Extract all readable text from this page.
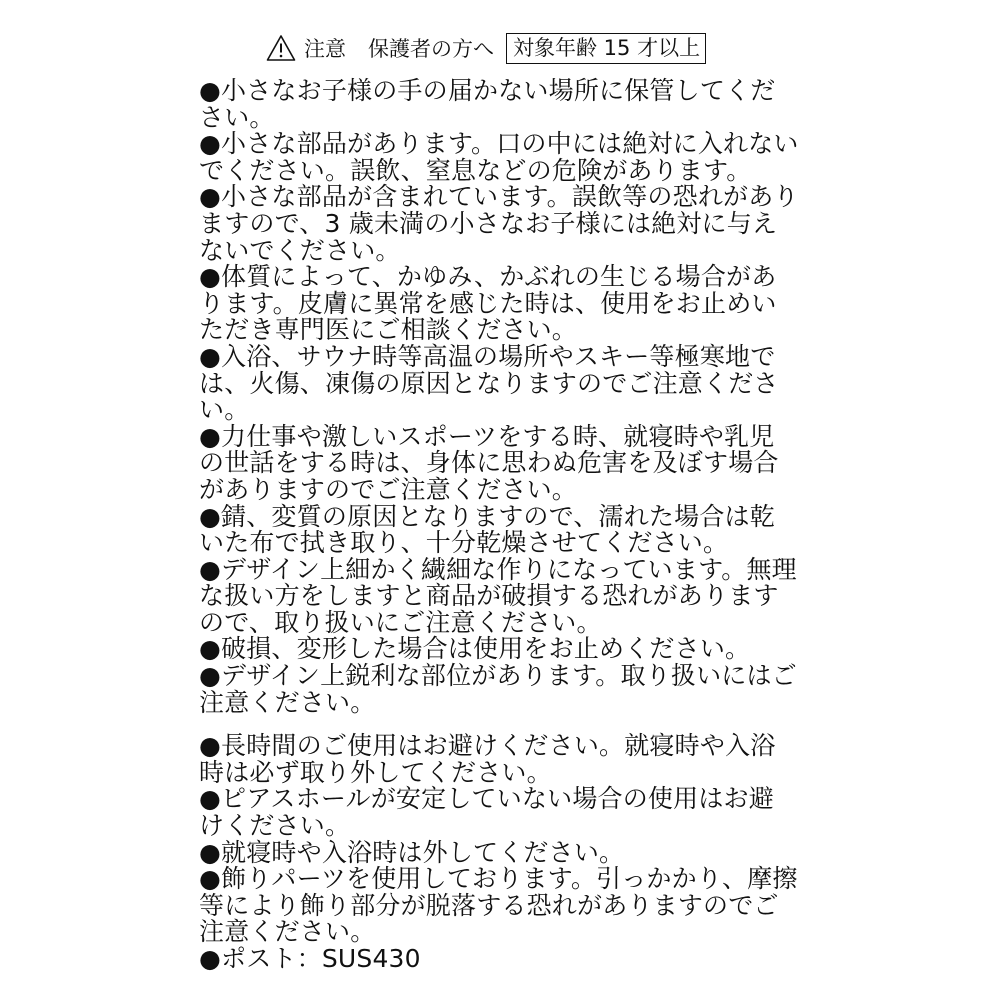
注意 保護者の方へ 対象年齢 15 才以上

●小さなお子様の手の届かない場所に保管してください。

●小さな部品があります。口の中には絶対に入れないでください。誤飲、窒息などの危険があります。

●小さな部品が含まれています。誤飲等の恐れがありますので、3 歳未満の小さなお子様には絶対に与えないでください。

●体質によって、かゆみ、かぶれの生じる場合があります。皮膚に異常を感じた時は、使用をお止めいただき専門医にご相談ください。

●入浴、サウナ時等高温の場所やスキー等極寒地では、火傷、凍傷の原因となりますのでご注意ください。

●力仕事や激しいスポーツをする時、就寝時や乳児の世話をする時は、身体に思わぬ危害を及ぼす場合がありますのでご注意ください。

●錆、変質の原因となりますので、濡れた場合は乾いた布で拭き取り、十分乾燥させてください。

●デザイン上細かく繊細な作りになっています。無理な扱い方をしますと商品が破損する恐れがありますので、取り扱いにご注意ください。

●破損、変形した場合は使用をお止めください。

●デザイン上鋭利な部位があります。取り扱いにはご注意ください。

●長時間のご使用はお避けください。就寝時や入浴時は必ず取り外してください。

●ピアスホールが安定していない場合の使用はお避けください。

●就寝時や入浴時は外してください。

●飾りパーツを使用しております。引っかかり、摩擦等により飾り部分が脱落する恐れがありますのでご注意ください。

●ポスト：SUS430
